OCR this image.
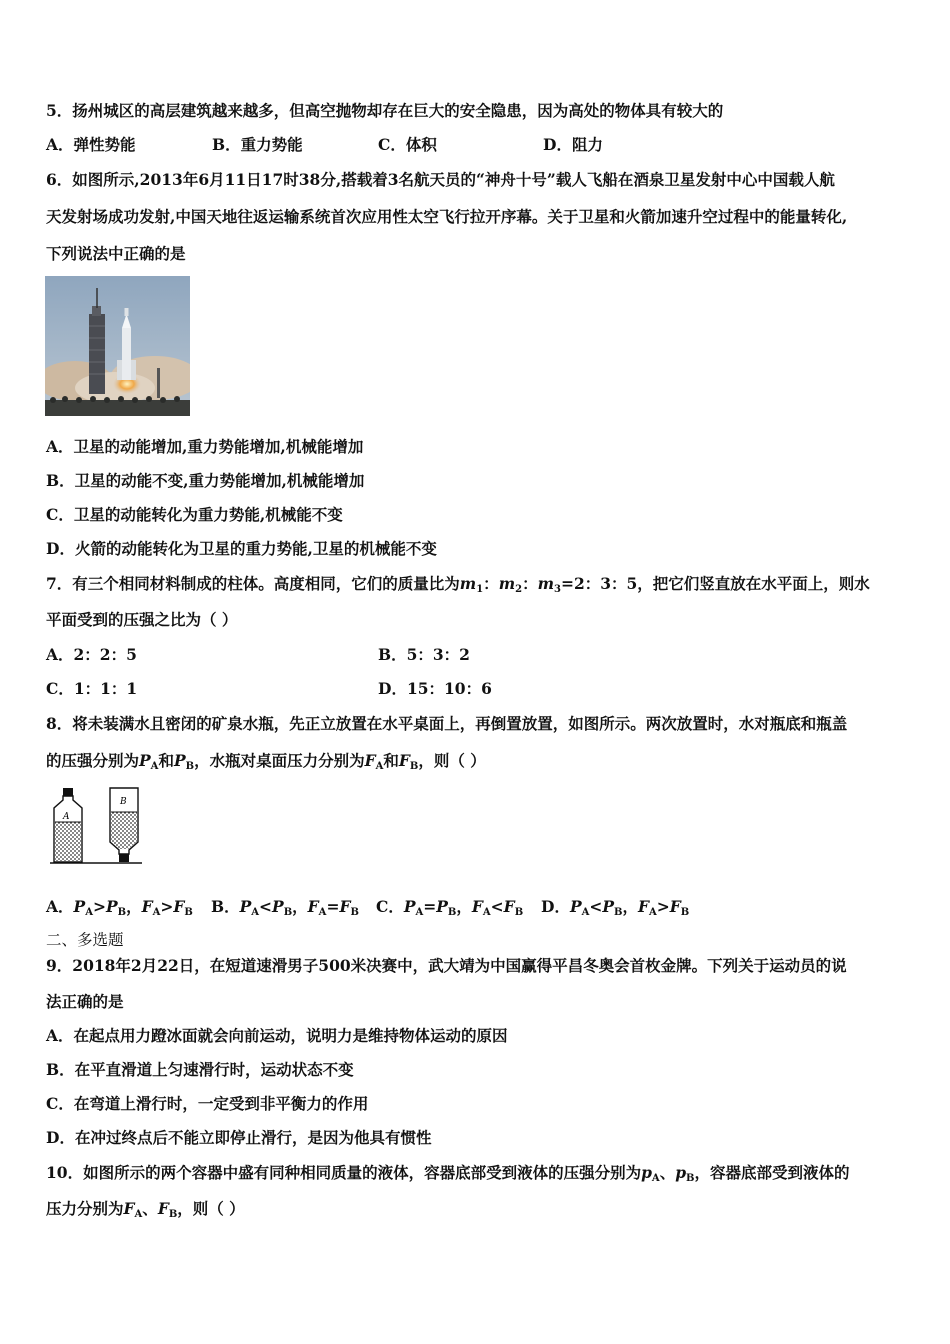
5．扬州城区的高层建筑越来越多，但高空抛物却存在巨大的安全隐患，因为高处的物体具有较大的
A．弹性势能	B．重力势能	C．体积	D．阻力
6．如图所示,2013年6月11日17时38分,搭载着3名航天员的“神舟十号”载人飞船在酒泉卫星发射中心中国载人航
天发射场成功发射,中国天地往返运输系统首次应用性太空飞行拉开序幕。关于卫星和火箭加速升空过程中的能量转化,
下列说法中正确的是
A．卫星的动能增加,重力势能增加,机械能增加
B．卫星的动能不变,重力势能增加,机械能增加
C．卫星的动能转化为重力势能,机械能不变
D．火箭的动能转化为卫星的重力势能,卫星的机械能不变
7．有三个相同材料制成的柱体。高度相同，它们的质量比为$m_1$：$m_2$：$m_3=2$：3：5，把它们竖直放在水平面上，则水
平面受到的压强之比为（ ）
A．2：2：5	B．5：3：2
C．1：1：1	D．15：10：6
8．将未装满水且密闭的矿泉水瓶，先正立放置在水平桌面上，再倒置放置，如图所示。两次放置时，水对瓶底和瓶盖
的压强分别为$P_A$和$P_B$，水瓶对桌面压力分别为$F_A$和$F_B$，则（ ）
A
B
A．$P_A>P_B$，$F_A>F_B$ B．$P_A<P_B$，$F_A=F_B$ C．$P_A=P_B$，$F_A<F_B$ D．$P_A<P_B$，$F_A>F_B$
二、多选题
9．2018年2月22日，在短道速滑男子500米决赛中，武大靖为中国赢得平昌冬奥会首枚金牌。下列关于运动员的说
法正确的是
A．在起点用力蹬冰面就会向前运动，说明力是维持物体运动的原因
B．在平直滑道上匀速滑行时，运动状态不变
C．在弯道上滑行时，一定受到非平衡力的作用
D．在冲过终点后不能立即停止滑行，是因为他具有惯性
10．如图所示的两个容器中盛有同种相同质量的液体，容器底部受到液体的压强分别为$p_A$、$p_B$，容器底部受到液体的
压力分别为$F_A$、$F_B$，则（ ）
